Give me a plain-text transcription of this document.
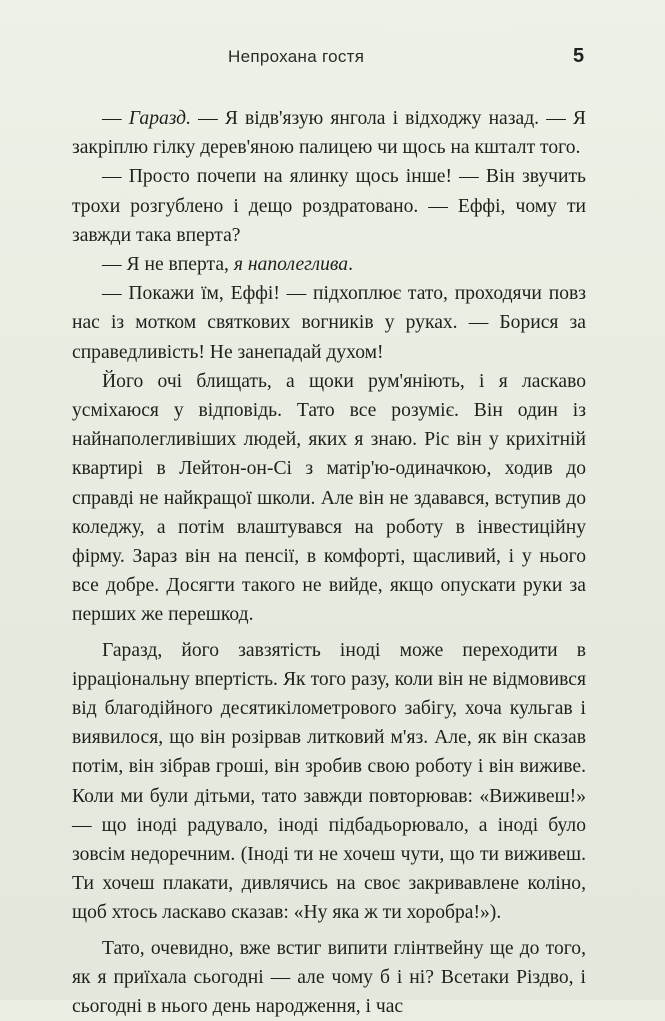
Непрохана гостя	5

— Гаразд. — Я відв'язую янгола і відходжу назад. — Я закріплю гілку дерев'яною палицею чи щось на кшталт того.

— Просто почепи на ялинку щось інше! — Він звучить трохи розгублено і дещо роздратовано. — Еффі, чому ти завжди така вперта?

— Я не вперта, я наполеглива.

— Покажи їм, Еффі! — підхоплює тато, проходячи повз нас із мотком святкових вогників у руках. — Борися за справедливість! Не занепадай духом!

Його очі блищать, а щоки рум'яніють, і я ласкаво усміхаюся у відповідь. Тато все розуміє. Він один із найнаполегливіших людей, яких я знаю. Ріс він у крихітній квартирі в Лейтон-он-Сі з матір'ю-одиначкою, ходив до справді не найкращої школи. Але він не здавався, вступив до коледжу, а потім влаштувався на роботу в інвестиційну фірму. Зараз він на пенсії, в комфорті, щасливий, і у нього все добре. Досягти такого не вийде, якщо опускати руки за перших же перешкод.

Гаразд, його завзятість іноді може переходити в ірраціональну впертість. Як того разу, коли він не відмовився від благодійного десятикілометрового забігу, хоча кульгав і виявилося, що він розірвав литковий м'яз. Але, як він сказав потім, він зібрав гроші, він зробив свою роботу і він виживе. Коли ми були дітьми, тато завжди повторював: «Виживеш!» — що іноді радувало, іноді підбадьорювало, а іноді було зовсім недоречним. (Іноді ти не хочеш чути, що ти виживеш. Ти хочеш плакати, дивлячись на своє закривавлене коліно, щоб хтось ласкаво сказав: «Ну яка ж ти хоробра!»).

Тато, очевидно, вже встиг випити глінтвейну ще до того, як я приїхала сьогодні — але чому б і ні? Всетаки Різдво, і сьогодні в нього день народження, і час
